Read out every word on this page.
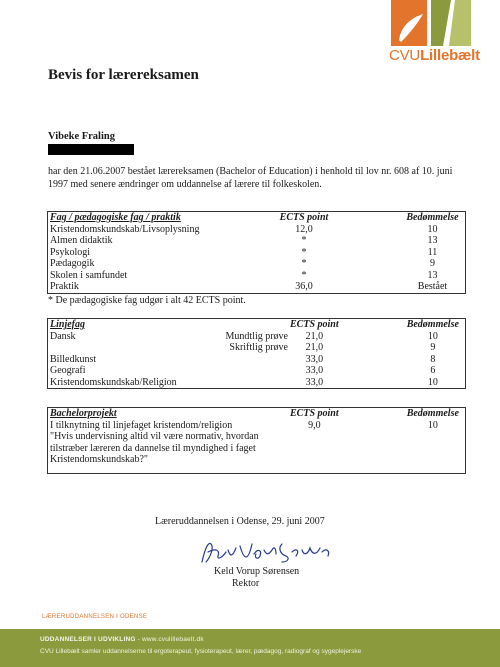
CVULillebælt
Bevis for lærereksamen
Vibeke Fraling
har den 21.06.2007 bestået lærereksamen (Bachelor of Education) i henhold til lov nr. 608 af 10. juni 1997 med senere ændringer om uddannelse af lærere til folkeskolen.
Fag / pædagogiske fag / praktik	ECTS point		Bedømmelse
Kristendomskundskab/Livsoplysning	12,0		10
Almen didaktik	*		13
Psykologi	*		11
Pædagogik	*		9
Skolen i samfundet	*		13
Praktik	36,0		Bestået
* De pædagogiske fag udgør i alt 42 ECTS point.
Linjefag		ECTS point		Bedømmelse
Dansk	Mundtlig prøve	21,0		10
	Skriftlig prøve	21,0		9
Billedkunst		33,0		8
Geografi		33,0		6
Kristendomskundskab/Religion		33,0		10
Bachelorprojekt	ECTS point		Bedømmelse
I tilknytning til linjefaget kristendom/religion	9,0		10
"Hvis undervisning altid vil være normativ, hvordan			
tilstræber læreren da dannelse til myndighed i faget			
Kristendomskundskab?"			
Læreruddannelsen i Odense, 29. juni 2007
Keld Vorup Sørensen
Rektor
LÆRERUDDANNELSEN I ODENSE
UDDANNELSER I UDVIKLING - www.cvulillebaelt.dk
CVU Lillebælt samler uddannelserne til ergoterapeut, fysioterapeut, lærer, pædagog, radiograf og sygeplejerske
